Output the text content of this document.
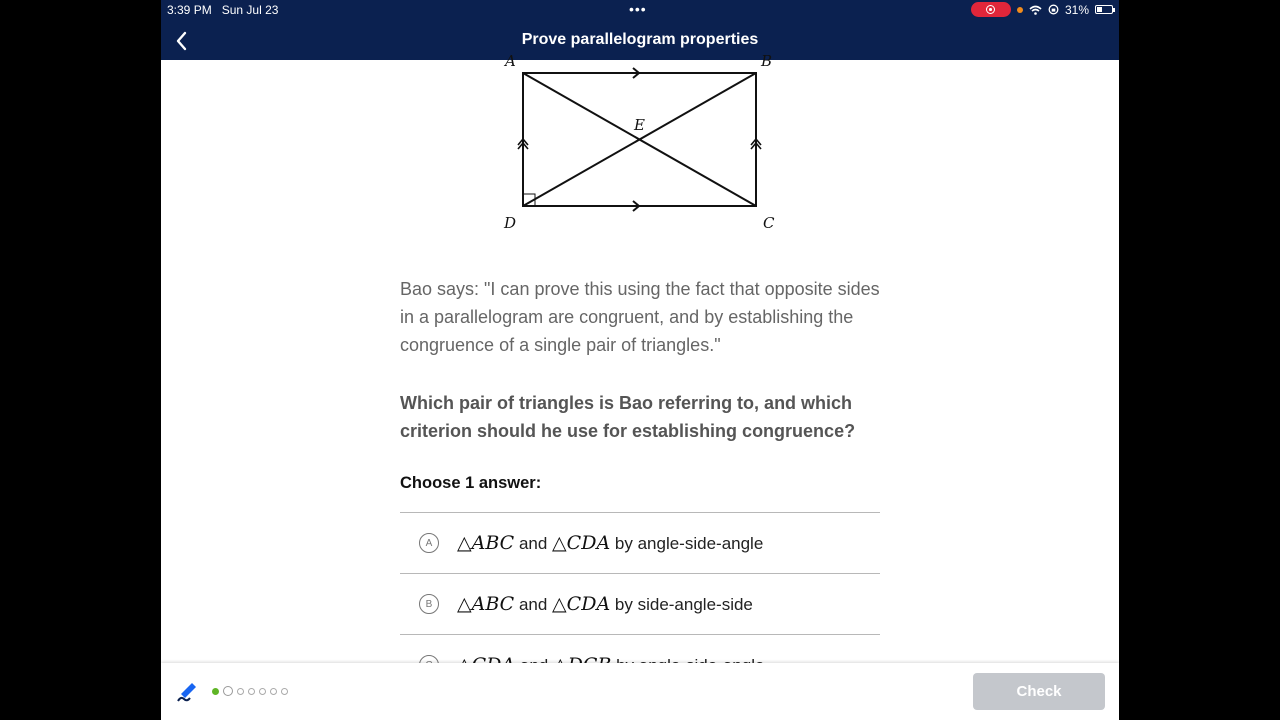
3:39 PM Sun Jul 23	•••	31%
Prove parallelogram properties
A	B
C
D
E
Bao says: "I can prove this using the fact that opposite sides in a parallelogram are congruent, and by establishing the congruence of a single pair of triangles."
Which pair of triangles is Bao referring to, and which criterion should he use for establishing congruence?
Choose 1 answer:
A △ABC and △CDA by angle-side-angle
B △ABC and △CDA by side-angle-side
Check
